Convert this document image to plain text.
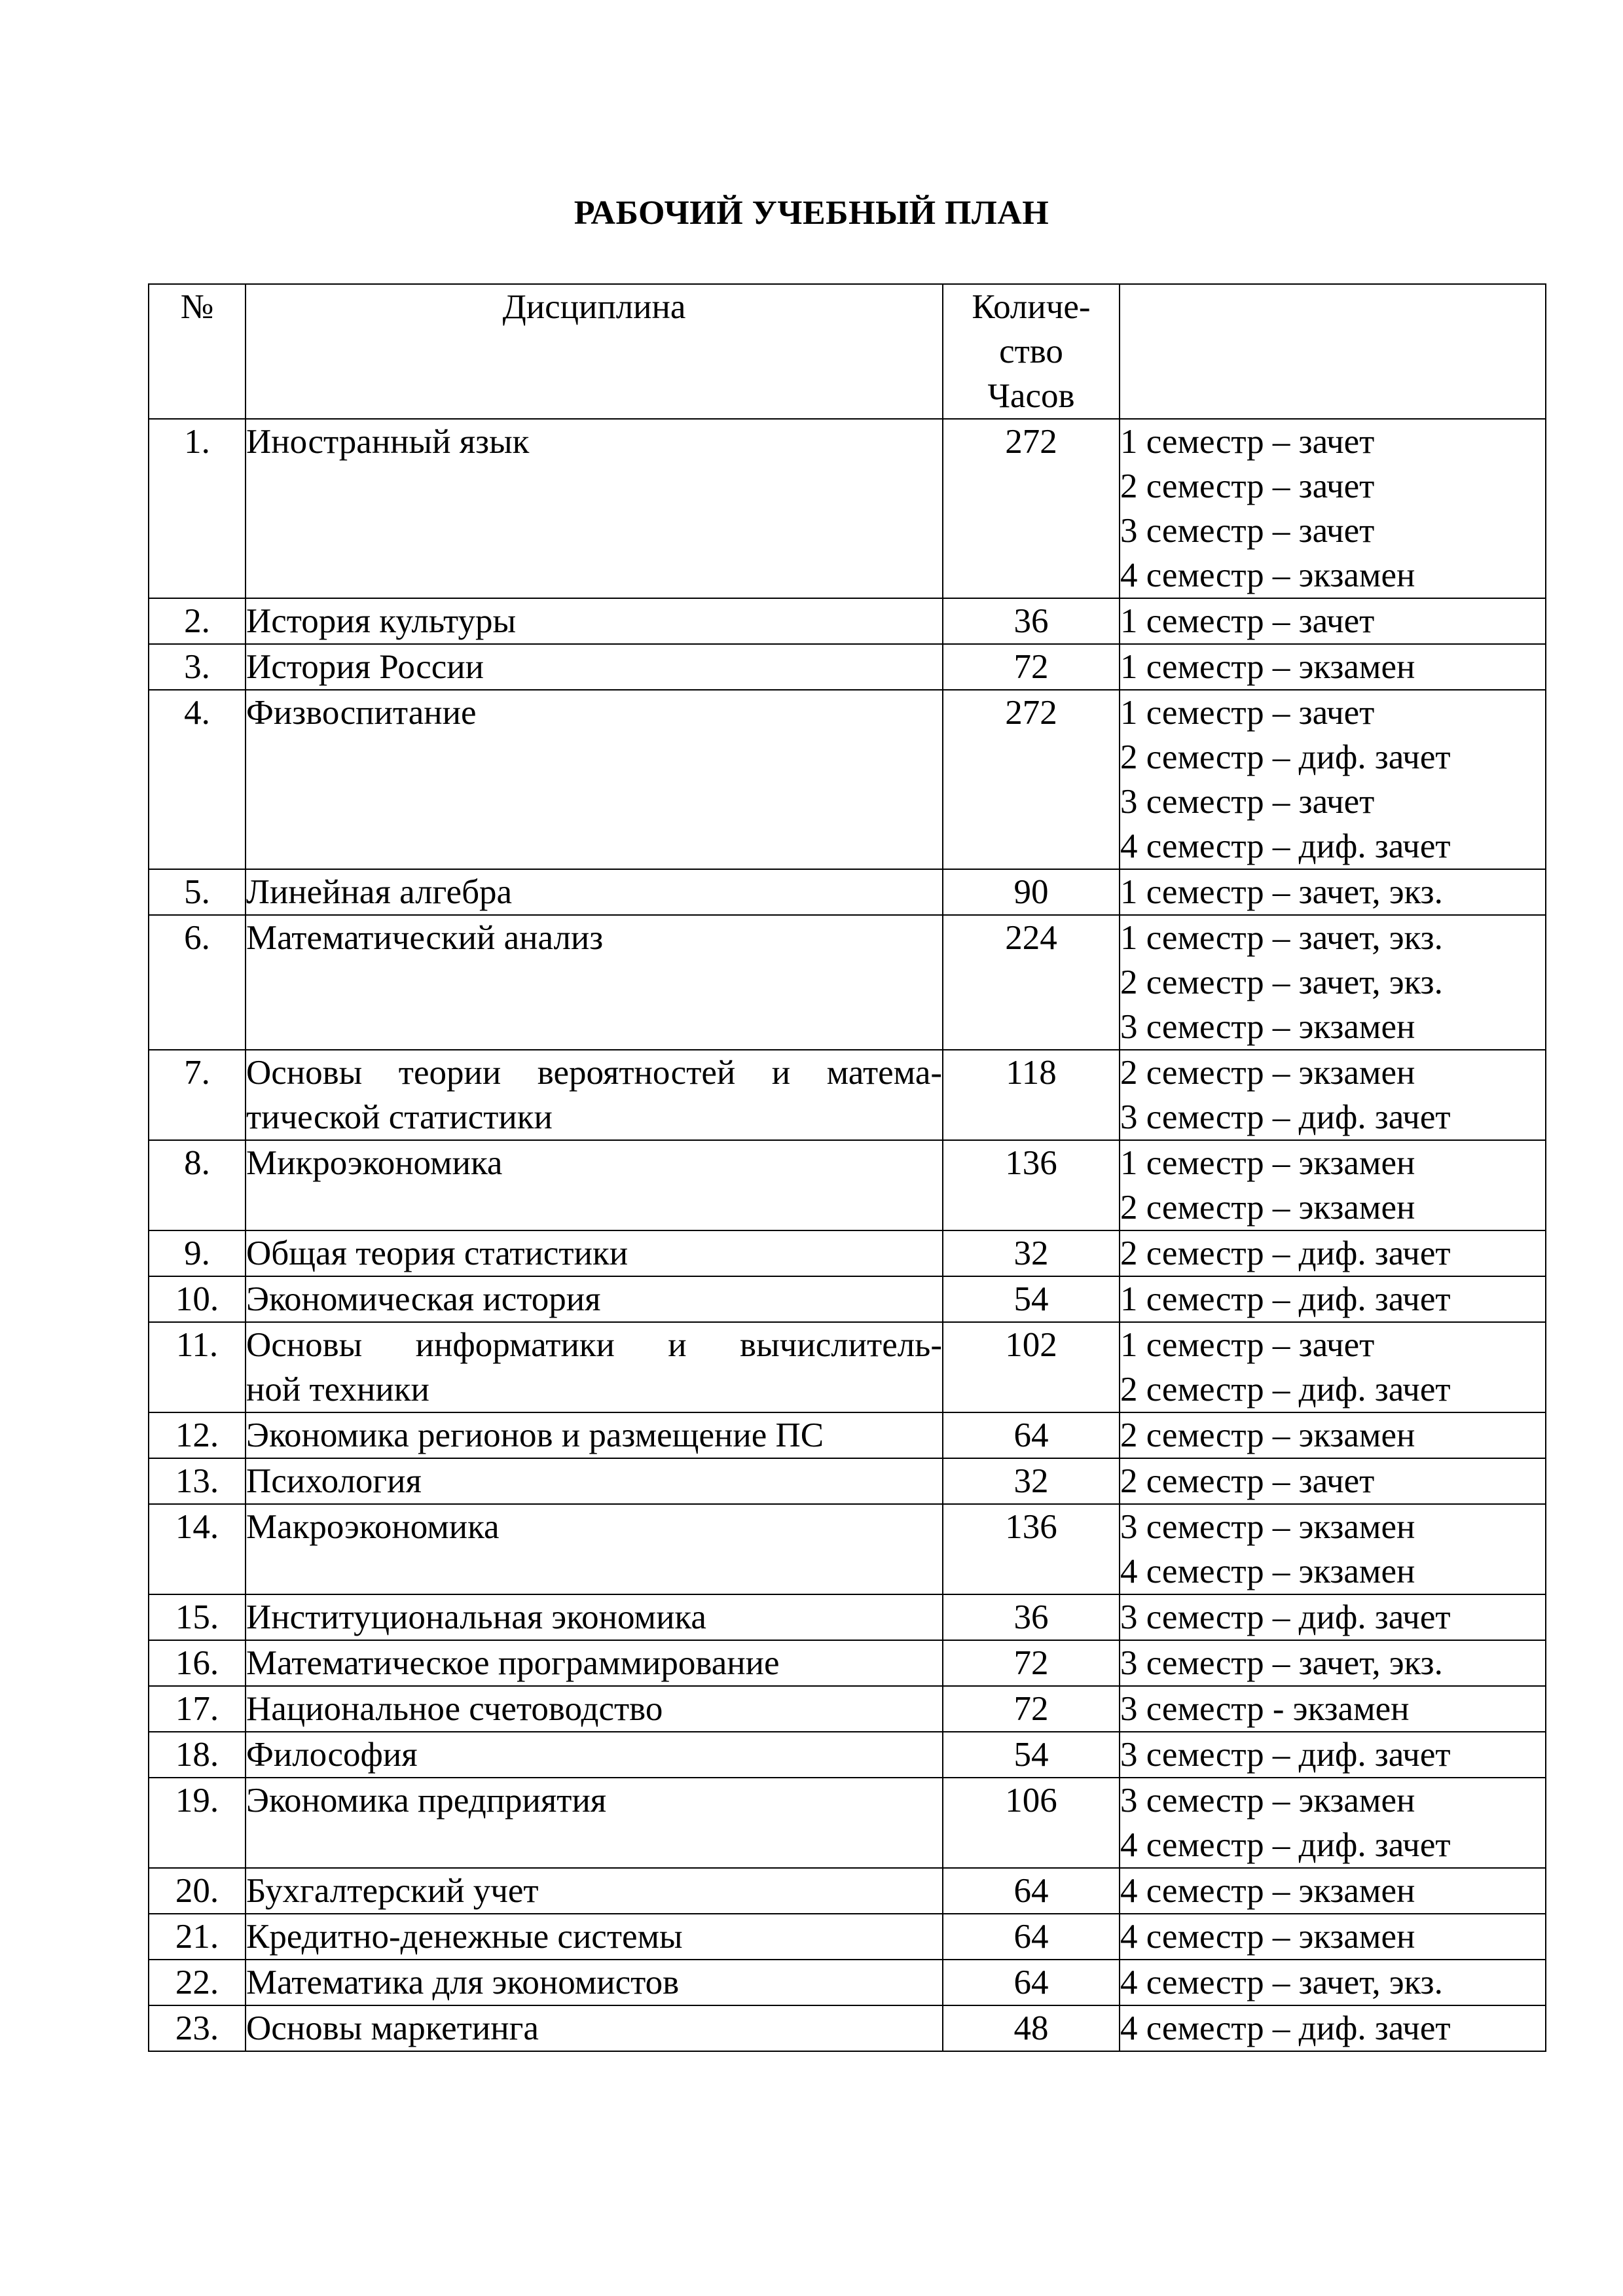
РАБОЧИЙ УЧЕБНЫЙ ПЛАН
№	Дисциплина	Количе-
ство
Часов	

1.	Иностранный язык	272	1 семестр – зачет
2 семестр – зачет
3 семестр – зачет
4 семестр – экзамен

2.	История культуры	36	1 семестр – зачет

3.	История России	72	1 семестр – экзамен

4.	Физвоспитание	272	1 семестр – зачет
2 семестр – диф. зачет
3 семестр – зачет
4 семестр – диф. зачет

5.	Линейная алгебра	90	1 семестр – зачет, экз.

6.	Математический анализ	224	1 семестр – зачет, экз.
2 семестр – зачет, экз.
3 семестр – экзамен

7.	Основы теории вероятностей и матема-
тической статистики	118	2 семестр – экзамен
3 семестр – диф. зачет

8.	Микроэкономика	136	1 семестр – экзамен
2 семестр – экзамен

9.	Общая теория статистики	32	2 семестр – диф. зачет

10.	Экономическая история	54	1 семестр – диф. зачет

11.	Основы информатики и вычислитель-
ной техники	102	1 семестр – зачет
2 семестр – диф. зачет

12.	Экономика регионов и размещение ПС	64	2 семестр – экзамен

13.	Психология	32	2 семестр – зачет

14.	Макроэкономика	136	3 семестр – экзамен
4 семестр – экзамен

15.	Институциональная экономика	36	3 семестр – диф. зачет

16.	Математическое программирование	72	3 семестр – зачет, экз.

17.	Национальное счетоводство	72	3 семестр - экзамен

18.	Философия	54	3 семестр – диф. зачет

19.	Экономика предприятия	106	3 семестр – экзамен
4 семестр – диф. зачет

20.	Бухгалтерский учет	64	4 семестр – экзамен

21.	Кредитно-денежные системы	64	4 семестр – экзамен

22.	Математика для экономистов	64	4 семестр – зачет, экз.

23.	Основы маркетинга	48	4 семестр – диф. зачет
